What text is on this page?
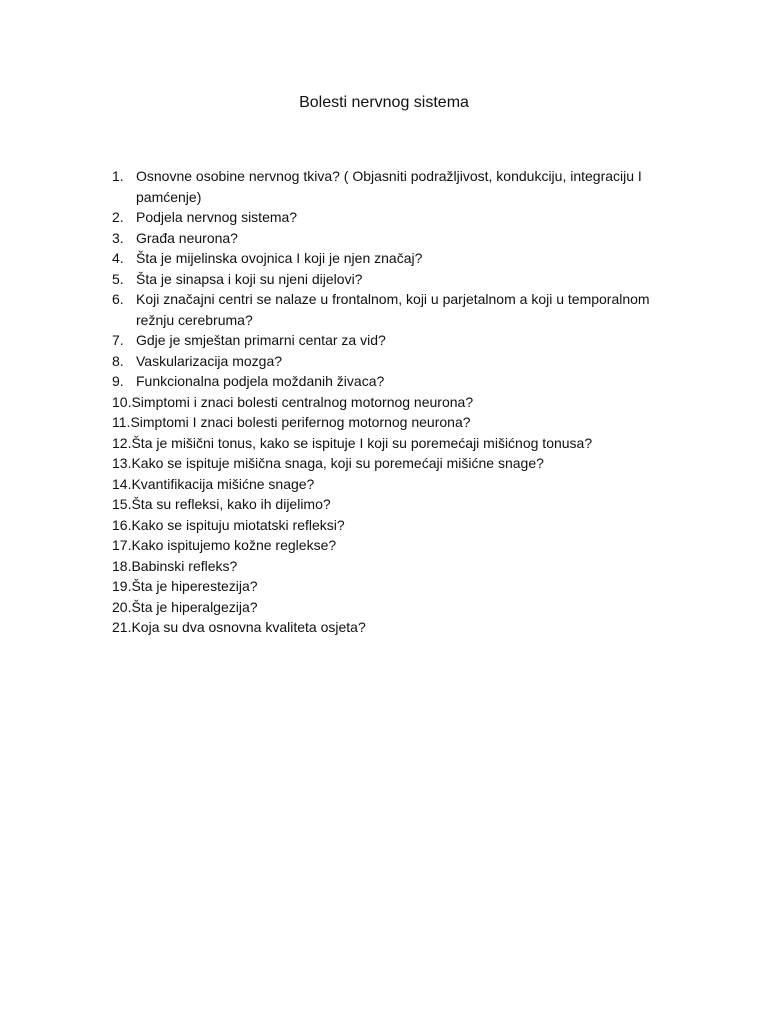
Bolesti nervnog sistema
1. Osnovne osobine nervnog tkiva? ( Objasniti podražljivost, kondukciju, integraciju I pamćenje)
2. Podjela nervnog sistema?
3. Građa neurona?
4. Šta je mijelinska ovojnica I koji je njen značaj?
5. Šta je sinapsa i koji su njeni dijelovi?
6. Koji značajni centri se nalaze u frontalnom, koji u parjetalnom a koji u temporalnom režnju cerebruma?
7. Gdje je smještan primarni centar za vid?
8. Vaskularizacija mozga?
9. Funkcionalna podjela moždanih živaca?
10. Simptomi i znaci bolesti centralnog motornog neurona?
11. Simptomi I znaci bolesti perifernog motornog neurona?
12. Šta je mišični tonus, kako se ispituje I koji su poremećaji mišićnog tonusa?
13. Kako se ispituje mišična snaga, koji su poremećaji mišićne snage?
14. Kvantifikacija mišićne snage?
15. Šta su refleksi, kako ih dijelimo?
16. Kako se ispituju miotatski refleksi?
17. Kako ispitujemo kožne reglekse?
18. Babinski refleks?
19. Šta je hiperestezija?
20. Šta je hiperalgezija?
21. Koja su dva osnovna kvaliteta osjeta?
